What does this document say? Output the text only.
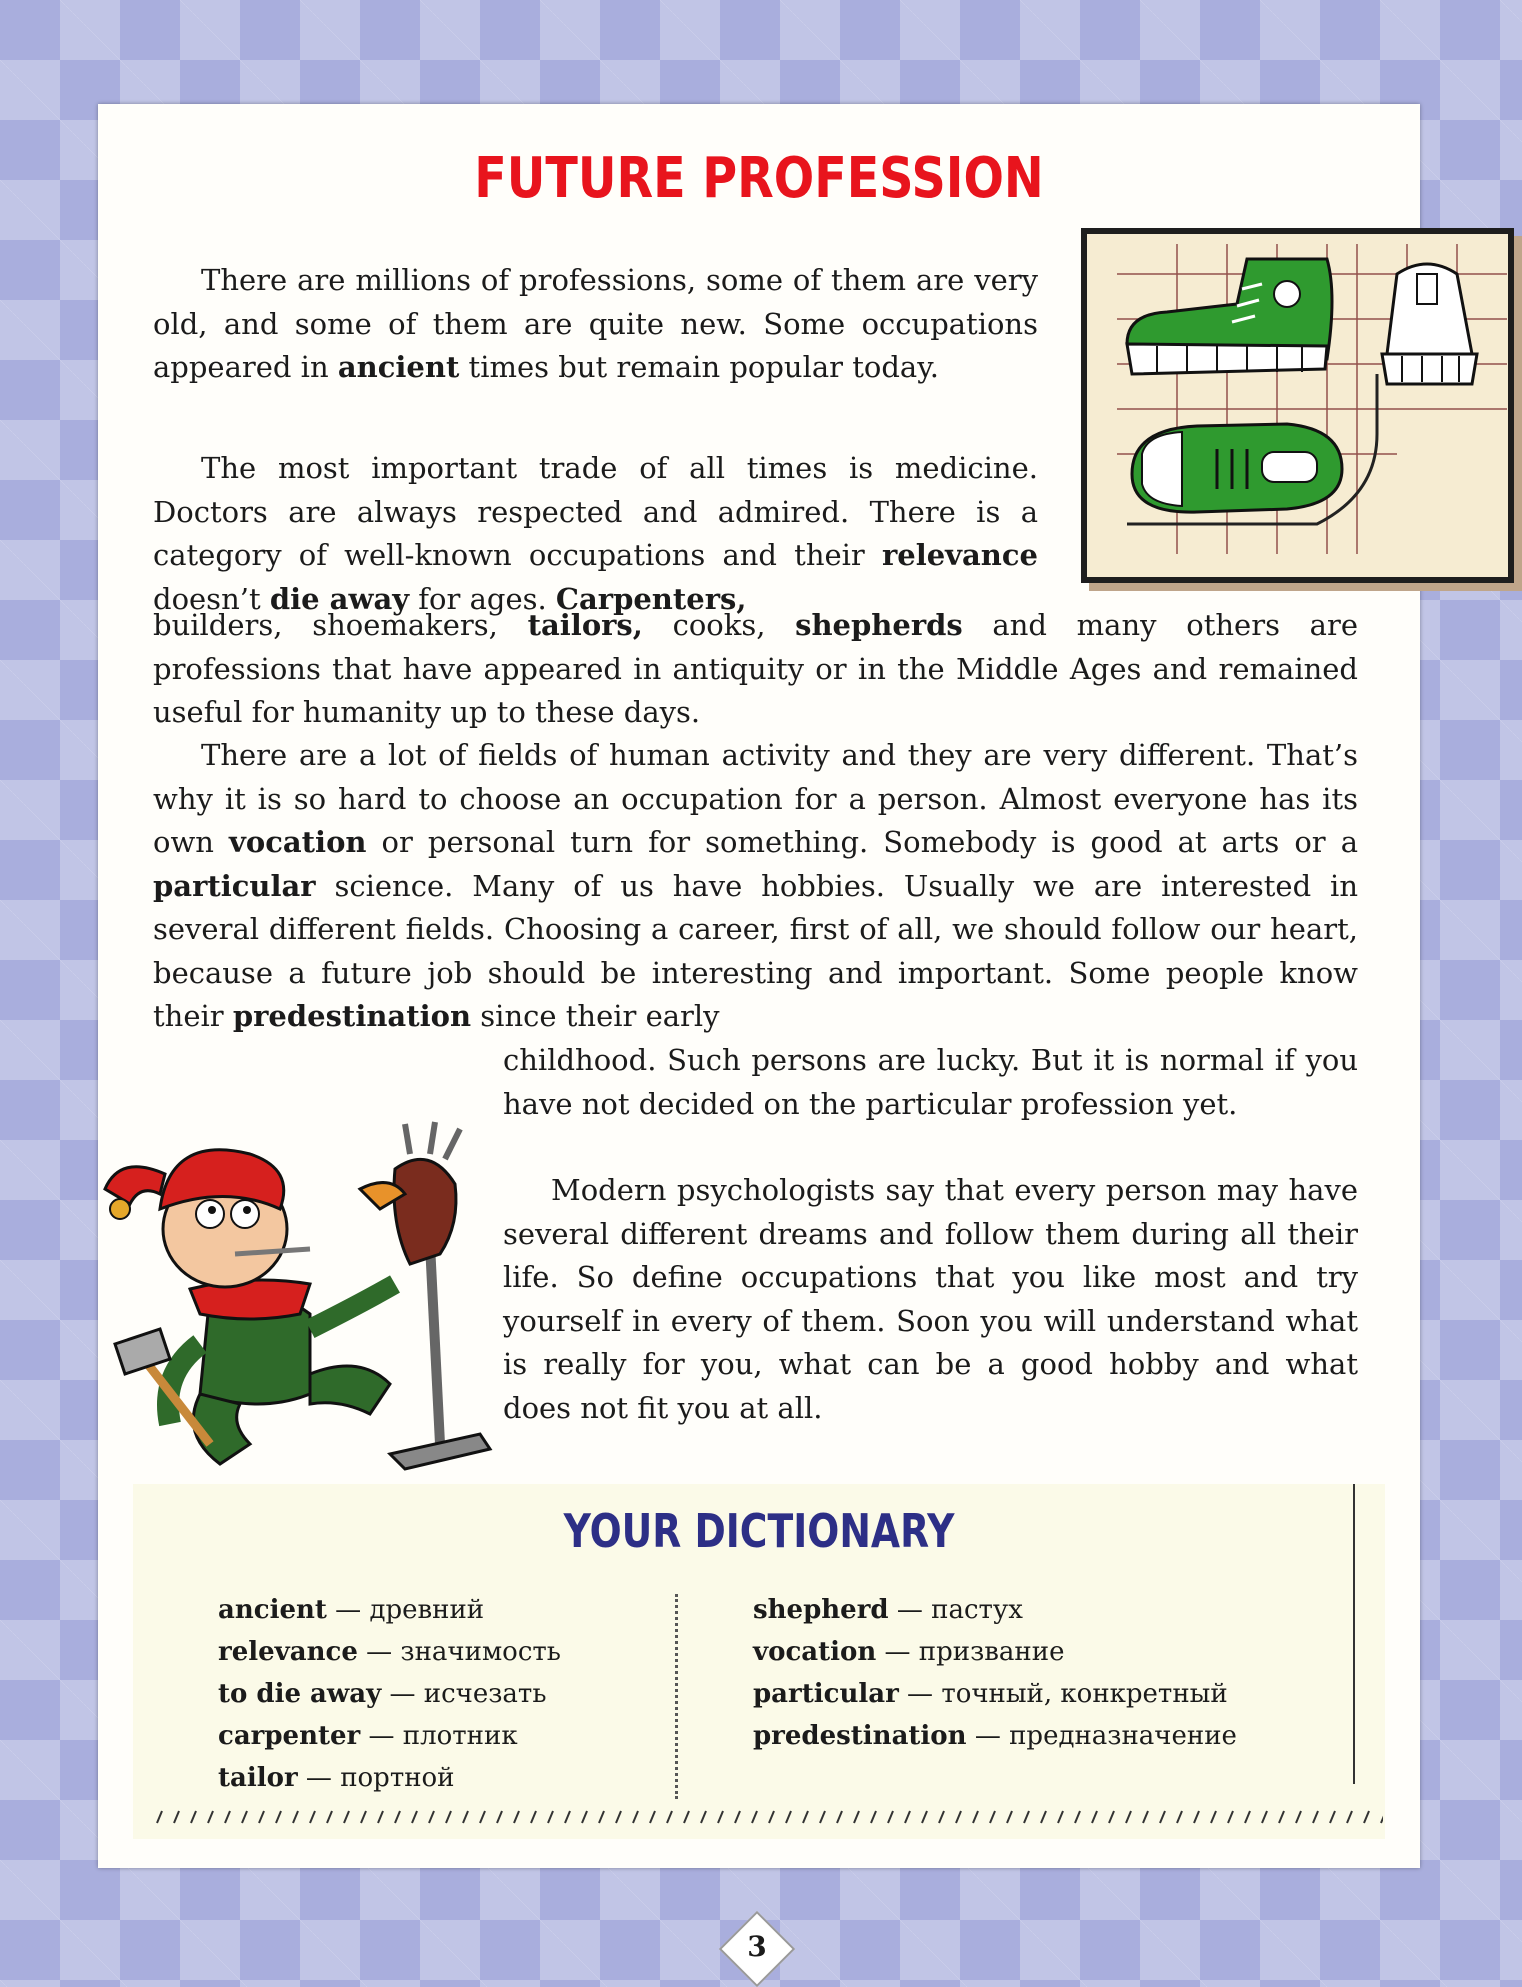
FUTURE PROFESSION

There are millions of professions, some of them are very old, and some of them are quite new. Some occupations appeared in ancient times but remain popular today.

The most important trade of all times is medicine. Doctors are always respected and admired. There is a category of well-known occupations and their relevance doesn’t die away for ages. Carpenters,

builders, shoemakers, tailors, cooks, shepherds and many others are professions that have appeared in antiquity or in the Middle Ages and remained useful for humanity up to these days.

There are a lot of fields of human activity and they are very different. That’s why it is so hard to choose an occupation for a person. Almost everyone has its own vocation or personal turn for something. Somebody is good at arts or a particular science. Many of us have hobbies. Usually we are interested in several different fields. Choosing a career, first of all, we should follow our heart, because a future job should be interesting and important. Some people know their predestination since their early

childhood. Such persons are lucky. But it is normal if you have not decided on the particular profession yet.

Modern psychologists say that every person may have several different dreams and follow them during all their life. So define occupations that you like most and try yourself in every of them. Soon you will understand what is really for you, what can be a good hobby and what does not fit you at all.

YOUR DICTIONARY
ancient — древний
relevance — значимость
to die away — исчезать
carpenter — плотник
tailor — портной
shepherd — пастух
vocation — призвание
particular — точный, конкретный
predestination — предназначение
3
